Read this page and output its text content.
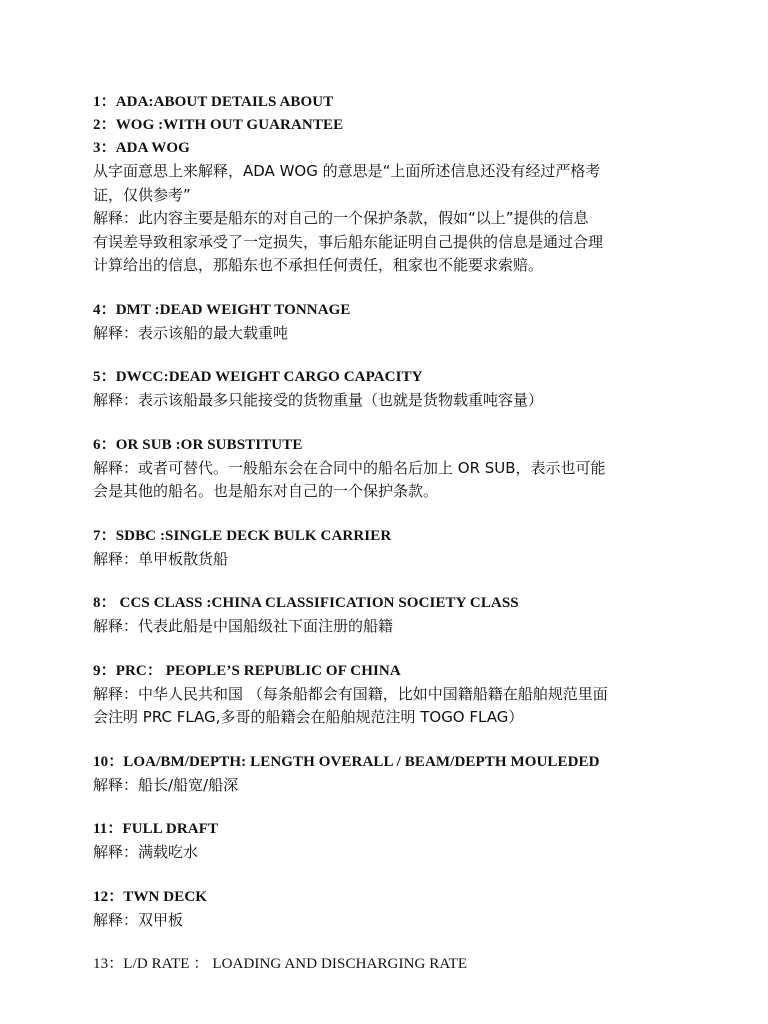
1：ADA:ABOUT DETAILS ABOUT
2：WOG :WITH OUT GUARANTEE
3：ADA WOG
从字面意思上来解释，ADA WOG 的意思是“上面所述信息还没有经过严格考
证，仅供参考”
解释：此内容主要是船东的对自己的一个保护条款，假如“以上”提供的信息
有误差导致租家承受了一定损失，事后船东能证明自己提供的信息是通过合理
计算给出的信息，那船东也不承担任何责任，租家也不能要求索赔。
4：DMT :DEAD WEIGHT TONNAGE
解释：表示该船的最大载重吨
5：DWCC:DEAD WEIGHT CARGO CAPACITY
解释：表示该船最多只能接受的货物重量（也就是货物载重吨容量）
6：OR SUB :OR SUBSTITUTE
解释：或者可替代。一般船东会在合同中的船名后加上 OR SUB，表示也可能
会是其他的船名。也是船东对自己的一个保护条款。
7：SDBC :SINGLE DECK BULK CARRIER
解释：单甲板散货船
8： CCS CLASS :CHINA CLASSIFICATION SOCIETY CLASS
解释：代表此船是中国船级社下面注册的船籍
9：PRC： PEOPLE’S REPUBLIC OF CHINA
解释：中华人民共和国 （每条船都会有国籍，比如中国籍船籍在船舶规范里面
会注明 PRC FLAG,多哥的船籍会在船舶规范注明 TOGO FLAG）
10：LOA/BM/DEPTH: LENGTH OVERALL / BEAM/DEPTH MOULEDED
解释：船长/船宽/船深
11：FULL DRAFT
解释：满载吃水
12：TWN DECK
解释：双甲板
13：L/D RATE ： LOADING AND DISCHARGING RATE
